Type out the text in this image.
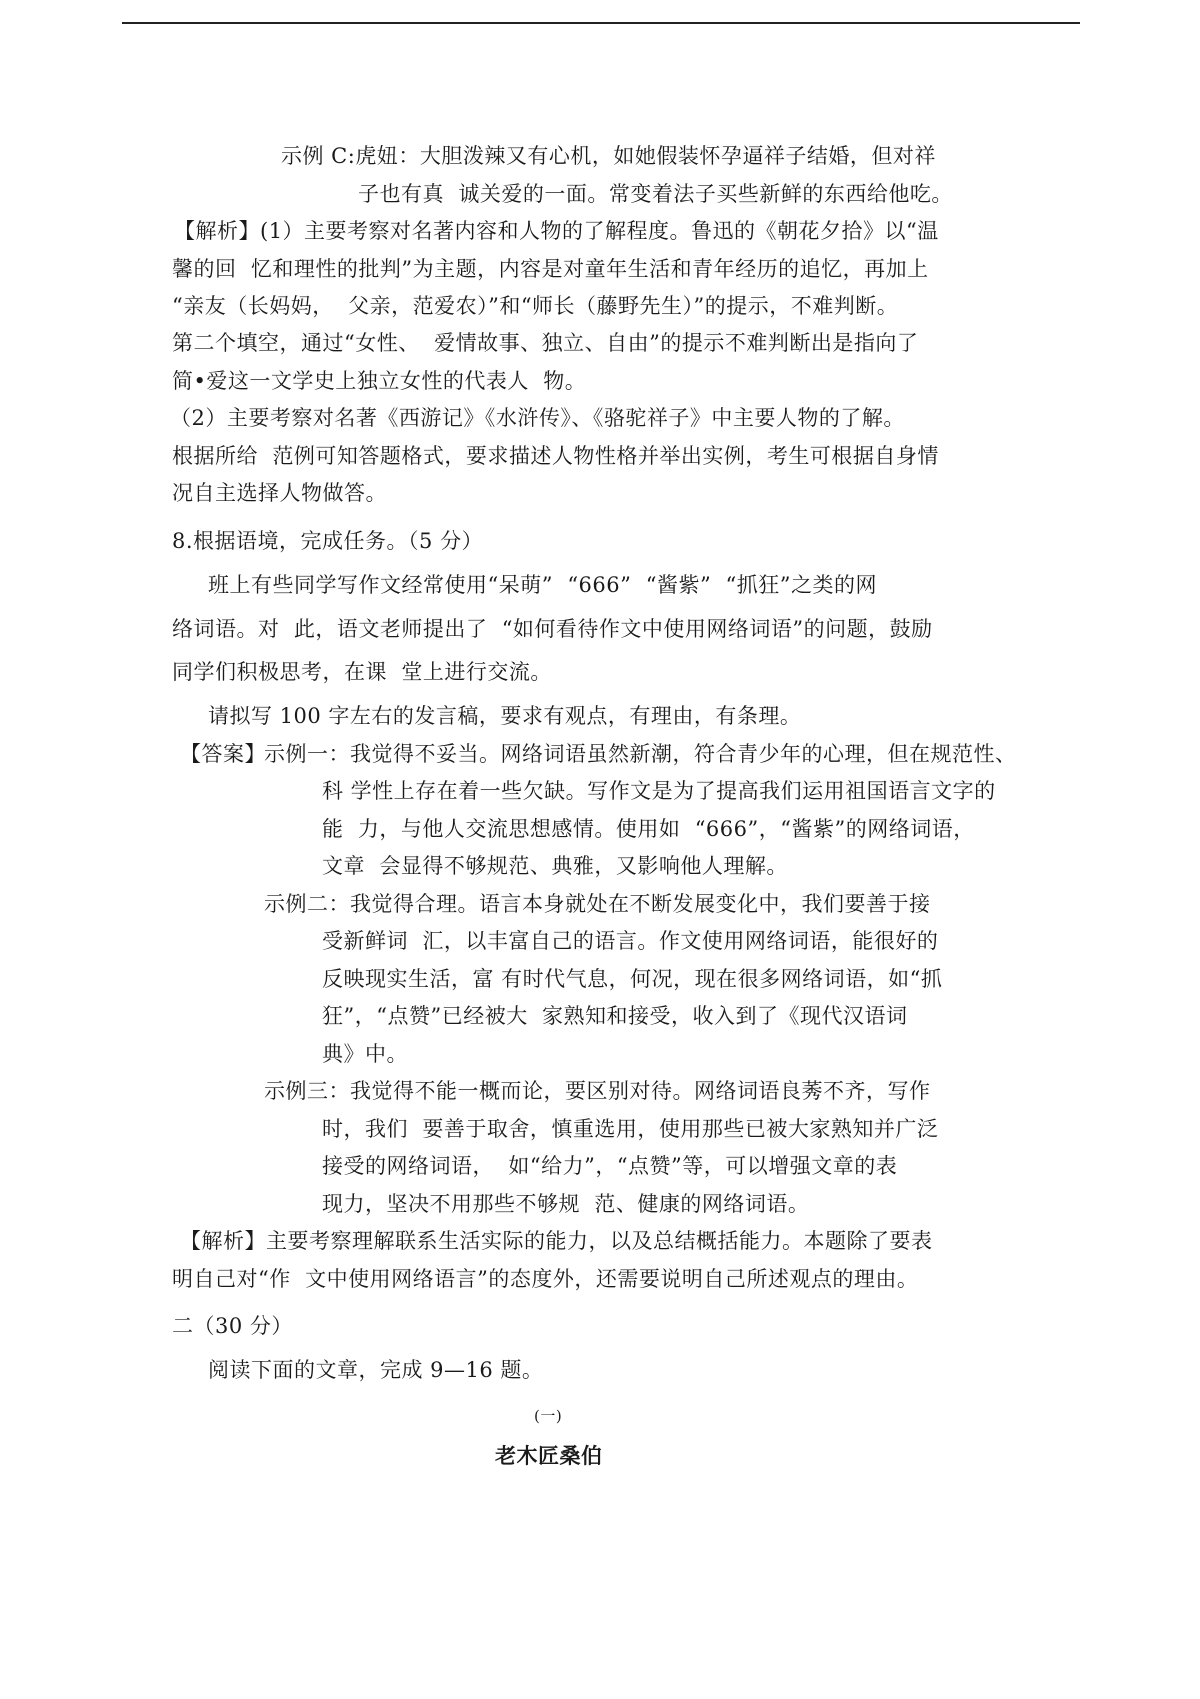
示例 C:虎妞：大胆泼辣又有心机，如她假装怀孕逼祥子结婚，但对祥
子也有真  诚关爱的一面。常变着法子买些新鲜的东西给他吃。
【解析】(1）主要考察对名著内容和人物的了解程度。鲁迅的《朝花夕拾》以“温
馨的回  忆和理性的批判”为主题，内容是对童年生活和青年经历的追忆，再加上
“亲友（长妈妈，  父亲，范爱农）”和“师长（藤野先生）”的提示，不难判断。
第二个填空，通过“女性、  爱情故事、独立、自由”的提示不难判断出是指向了
简•爱这一文学史上独立女性的代表人  物。
（2）主要考察对名著《西游记》《水浒传》、《骆驼祥子》中主要人物的了解。
根据所给  范例可知答题格式，要求描述人物性格并举出实例，考生可根据自身情
况自主选择人物做答。
8.根据语境，完成任务。（5 分）
班上有些同学写作文经常使用“呆萌”  “666”  “酱紫”  “抓狂”之类的网
络词语。对  此，语文老师提出了  “如何看待作文中使用网络词语”的问题，鼓励
同学们积极思考，在课  堂上进行交流。
请拟写 100 字左右的发言稿，要求有观点，有理由，有条理。
【答案】
示例一：我觉得不妥当。网络词语虽然新潮，符合青少年的心理，但在规范性、
科 学性上存在着一些欠缺。写作文是为了提高我们运用祖国语言文字的
能  力，与他人交流思想感情。使用如  “666”，“酱紫”的网络词语，
文章  会显得不够规范、典雅，又影响他人理解。
示例二：我觉得合理。语言本身就处在不断发展变化中，我们要善于接
受新鲜词  汇，以丰富自己的语言。作文使用网络词语，能很好的
反映现实生活，富 有时代气息，何况，现在很多网络词语，如“抓
狂”，“点赞”已经被大  家熟知和接受，收入到了《现代汉语词
典》中。
示例三：我觉得不能一概而论，要区别对待。网络词语良莠不齐，写作
时，我们  要善于取舍，慎重选用，使用那些已被大家熟知并广泛
接受的网络词语，  如“给力”，“点赞”等，可以增强文章的表
现力，坚决不用那些不够规  范、健康的网络词语。
【解析】主要考察理解联系生活实际的能力，以及总结概括能力。本题除了要表
明自己对“作  文中使用网络语言”的态度外，还需要说明自己所述观点的理由。
二（30 分）
阅读下面的文章，完成 9—16 题。
(一)
老木匠桑伯
